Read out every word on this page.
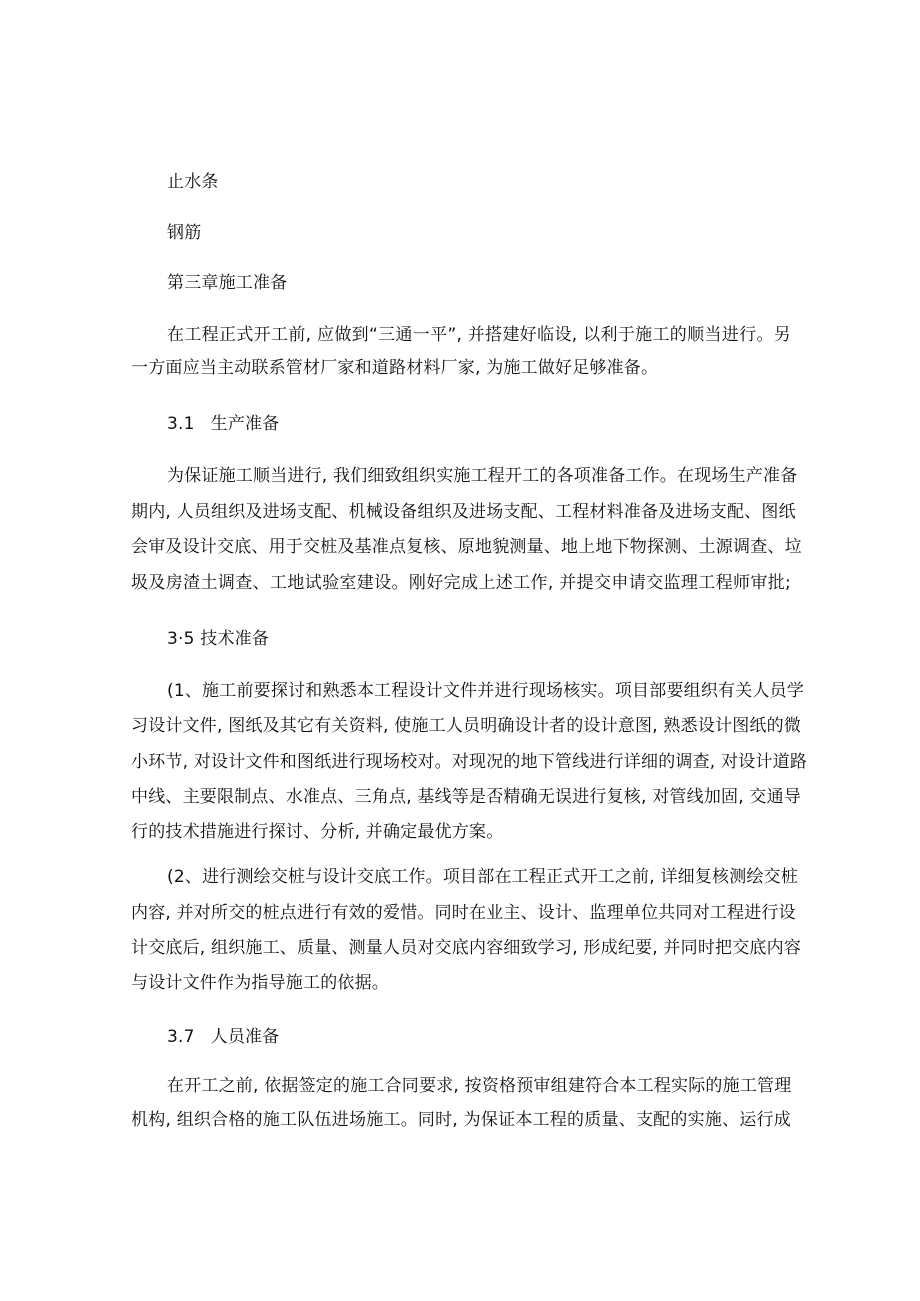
止水条
钢筋
第三章施工准备
在工程正式开工前, 应做到“三通一平”, 并搭建好临设, 以利于施工的顺当进行。另
一方面应当主动联系管材厂家和道路材料厂家, 为施工做好足够准备。
3.1 生产准备
为保证施工顺当进行, 我们细致组织实施工程开工的各项准备工作。在现场生产准备
期内, 人员组织及进场支配、机械设备组织及进场支配、工程材料准备及进场支配、图纸
会审及设计交底、用于交桩及基准点复核、原地貌测量、地上地下物探测、土源调查、垃
圾及房渣土调查、工地试验室建设。刚好完成上述工作, 并提交申请交监理工程师审批;
3·5 技术准备
(1、施工前要探讨和熟悉本工程设计文件并进行现场核实。项目部要组织有关人员学
习设计文件, 图纸及其它有关资料, 使施工人员明确设计者的设计意图, 熟悉设计图纸的微
小环节, 对设计文件和图纸进行现场校对。对现况的地下管线进行详细的调查, 对设计道路
中线、主要限制点、水准点、三角点, 基线等是否精确无误进行复核, 对管线加固, 交通导
行的技术措施进行探讨、分析, 并确定最优方案。
(2、进行测绘交桩与设计交底工作。项目部在工程正式开工之前, 详细复核测绘交桩
内容, 并对所交的桩点进行有效的爱惜。同时在业主、设计、监理单位共同对工程进行设
计交底后, 组织施工、质量、测量人员对交底内容细致学习, 形成纪要, 并同时把交底内容
与设计文件作为指导施工的依据。
3.7 人员准备
在开工之前, 依据签定的施工合同要求, 按资格预审组建符合本工程实际的施工管理
机构, 组织合格的施工队伍进场施工。同时, 为保证本工程的质量、支配的实施、运行成
